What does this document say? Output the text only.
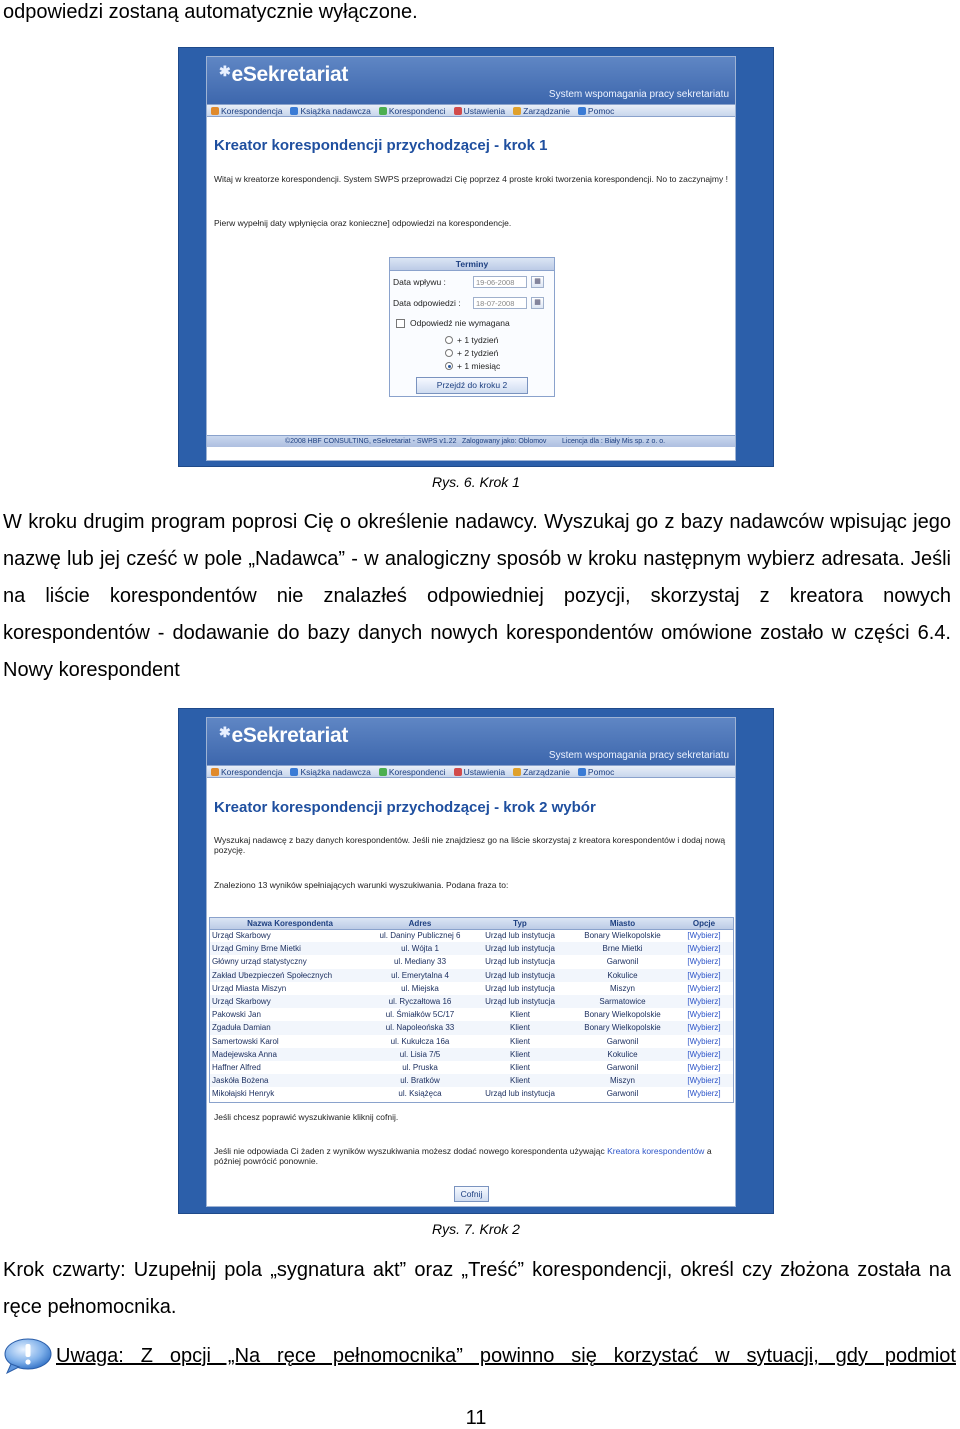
odpowiedzi zostaną automatycznie wyłączone.
✱eSekretariat
System wspomagania pracy sekretariatu
Korespondencja Książka nadawcza Korespondenci Ustawienia Zarządzanie Pomoc
Kreator korespondencji przychodzącej - krok 1
Witaj w kreatorze korespondencji. System SWPS przeprowadzi Cię poprzez 4 proste kroki tworzenia korespondencji. No to zaczynajmy !
Pierw wypełnij daty wpłynięcia oraz konieczne] odpowiedzi na korespondencje.
Terminy
Data wpływu :	19-06-2008	▦
Data odpowiedzi :	18-07-2008	▦
Odpowiedź nie wymagana
+ 1 tydzień
+ 2 tydzień
+ 1 miesiąc
Przejdź do kroku 2
©2008 HBF CONSULTING, eSekretariat - SWPS v1.22 Zalogowany jako: Oblomov Licencja dla : Biały Mis sp. z o. o.
Rys. 6. Krok 1
W kroku drugim program poprosi Cię o określenie nadawcy. Wyszukaj go z bazy nadawców wpisując jego nazwę lub jej cześć w pole „Nadawca” - w analogiczny sposób w kroku następnym wybierz adresata. Jeśli na liście korespondentów nie znalazłeś odpowiedniej pozycji, skorzystaj z kreatora nowych korespondentów - dodawanie do bazy danych nowych korespondentów omówione zostało w części 6.4. Nowy korespondent
✱eSekretariat
System wspomagania pracy sekretariatu
Korespondencja Książka nadawcza Korespondenci Ustawienia Zarządzanie Pomoc
Kreator korespondencji przychodzącej - krok 2 wybór
Wyszukaj nadawcę z bazy danych korespondentów. Jeśli nie znajdziesz go na liście skorzystaj z kreatora korespondentów i dodaj nową pozycję.
Znaleziono 13 wyników spełniających warunki wyszukiwania. Podana fraza to:
Nazwa Korespondenta	Adres	Typ	Miasto	Opcje
Urząd Skarbowy	ul. Daniny Publicznej 6	Urząd lub instytucja	Bonary Wielkopolskie	[Wybierz]
Urząd Gminy Brne Mietki	ul. Wójta 1	Urząd lub instytucja	Brne Mietki	[Wybierz]
Główny urząd statystyczny	ul. Mediany 33	Urząd lub instytucja	Garwonil	[Wybierz]
Zakład Ubezpieczeń Społecznych	ul. Emerytalna 4	Urząd lub instytucja	Kokulice	[Wybierz]
Urząd Miasta Miszyn	ul. Miejska	Urząd lub instytucja	Miszyn	[Wybierz]
Urząd Skarbowy	ul. Ryczałtowa 16	Urząd lub instytucja	Sarmatowice	[Wybierz]
Pakowski Jan	ul. Śmiałków 5C/17	Klient	Bonary Wielkopolskie	[Wybierz]
Zgaduła Damian	ul. Napoleońska 33	Klient	Bonary Wielkopolskie	[Wybierz]
Samertowski Karol	ul. Kukułcza 16a	Klient	Garwonil	[Wybierz]
Madejewska Anna	ul. Lisia 7/5	Klient	Kokulice	[Wybierz]
Haffner Alfred	ul. Pruska	Klient	Garwonil	[Wybierz]
Jaskóła Bożena	ul. Bratków	Klient	Miszyn	[Wybierz]
Mikołajski Henryk	ul. Książęca	Urząd lub instytucja	Garwonil	[Wybierz]
Jeśli chcesz poprawić wyszukiwanie kliknij cofnij.
Jeśli nie odpowiada Ci żaden z wyników wyszukiwania możesz dodać nowego korespondenta używając Kreatora korespondentów a później powrócić ponownie.
Cofnij
Rys. 7. Krok 2
Krok czwarty: Uzupełnij pola „sygnatura akt” oraz „Treść” korespondencji, określ czy złożona została na ręce pełnomocnika.
Uwaga: Z opcji „Na ręce pełnomocnika” powinno się korzystać w sytuacji, gdy podmiot
11
